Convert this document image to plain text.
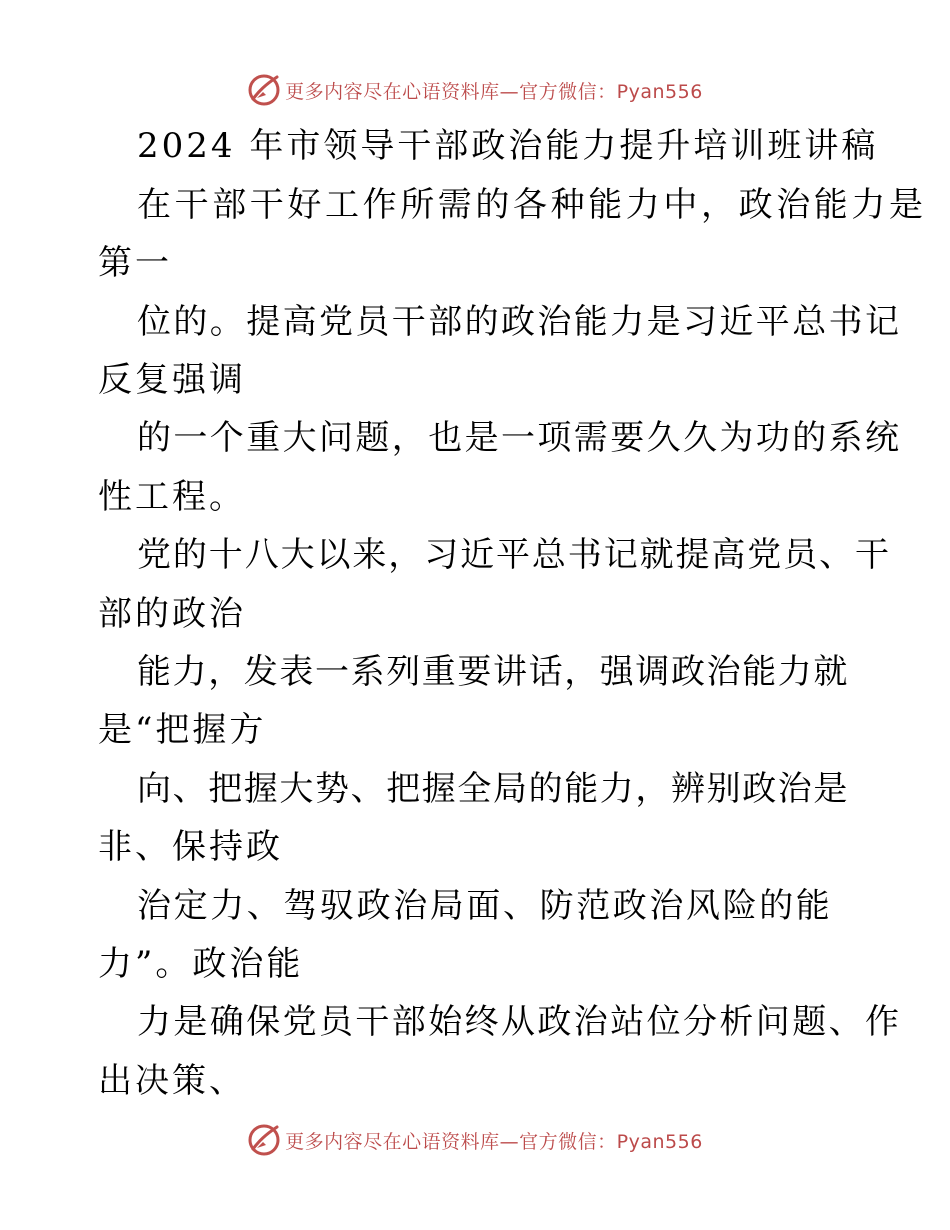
更多内容尽在心语资料库—官方微信：Pyan556

2024 年市领导干部政治能力提升培训班讲稿

在干部干好工作所需的各种能力中，政治能力是

第一

位的。提高党员干部的政治能力是习近平总书记

反复强调

的一个重大问题，也是一项需要久久为功的系统

性工程。

党的十八大以来，习近平总书记就提高党员、干

部的政治

能力，发表一系列重要讲话，强调政治能力就

是“把握方

向、把握大势、把握全局的能力，辨别政治是

非、保持政

治定力、驾驭政治局面、防范政治风险的能

力”。政治能

力是确保党员干部始终从政治站位分析问题、作

出决策、

更多内容尽在心语资料库—官方微信：Pyan556
